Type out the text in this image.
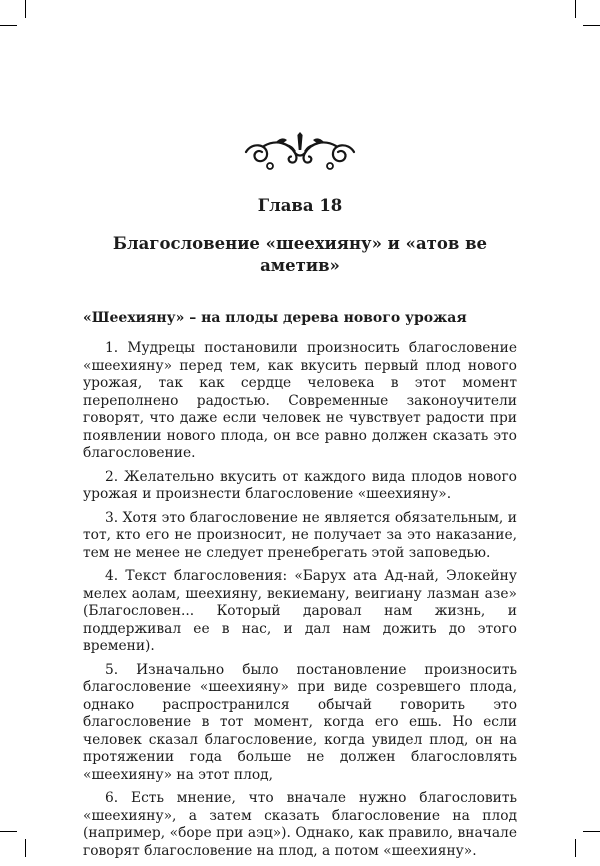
Глава 18
Благословение «шеехияну» и «атов ве аметив»
«Шеехияну» – на плоды дерева нового урожая

1. Мудрецы постановили произносить благословение «шеехияну» перед тем, как вкусить первый плод нового урожая, так как сердце человека в этот момент переполнено радостью. Современные законоучители говорят, что даже если человек не чувствует радости при появлении нового плода, он все равно должен сказать это благословение.

2. Желательно вкусить от каждого вида плодов нового урожая и произнести благословение «шеехияну».

3. Хотя это благословение не является обязательным, и тот, кто его не произносит, не получает за это наказание, тем не менее не следует пренебрегать этой заповедью.

4. Текст благословения: «Барух ата Ад-най, Элокейну мелех аолам, шеехияну, векиеману, веигиану лазман азе» (Благословен... Который даровал нам жизнь, и поддерживал ее в нас, и дал нам дожить до этого времени).

5. Изначально было постановление произносить благословение «шеехияну» при виде созревшего плода, однако распространился обычай говорить это благословение в тот момент, когда его ешь. Но если человек сказал благословение, когда увидел плод, он на протяжении года больше не должен благословлять «шеехияну» на этот плод,

6. Есть мнение, что вначале нужно благословить «шеехияну», а затем сказать благословение на плод (например, «боре при аэц»). Однако, как правило, вначале говорят благословение на плод, а потом «шеехияну».
